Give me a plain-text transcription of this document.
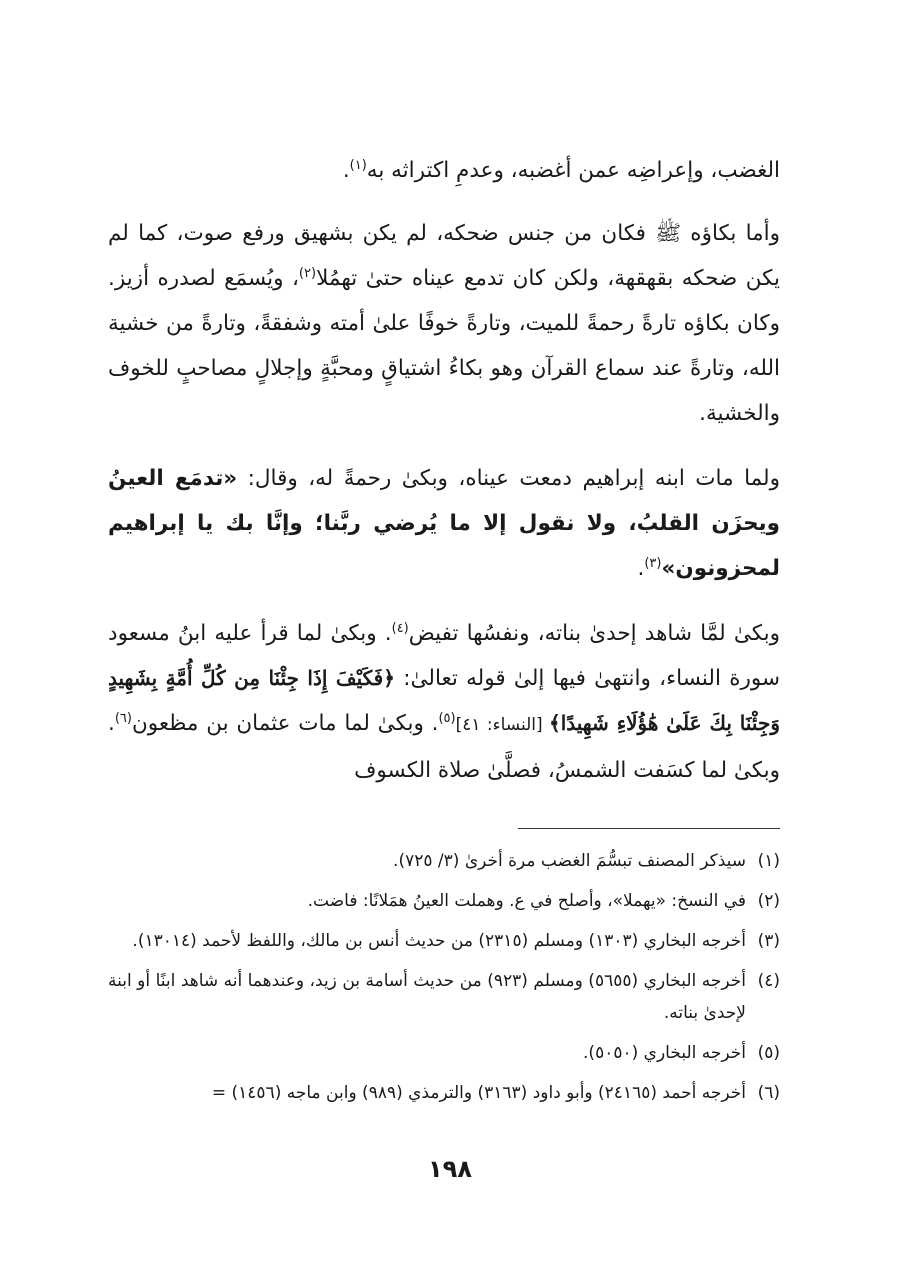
الغضب، وإعراضِه عمن أغضبه، وعدمِ اكتراثه به$^{(١)}$.

وأما بكاؤه ﷺ فكان من جنس ضحكه، لم يكن بشهيق ورفع صوت، كما لم يكن ضحكه بقهقهة، ولكن كان تدمع عيناه حتىٰ تهمُلا$^{(٢)}$، ويُسمَع لصدره أزيز. وكان بكاؤه تارةً رحمةً للميت، وتارةً خوفًا علىٰ أمته وشفقةً، وتارةً من خشية الله، وتارةً عند سماع القرآن وهو بكاءُ اشتياقٍ ومحبَّةٍ وإجلالٍ مصاحبٍ للخوف والخشية.

ولما مات ابنه إبراهيم دمعت عيناه، وبكىٰ رحمةً له، وقال: «تدمَع العينُ ويحزَن القلبُ، ولا نقول إلا ما يُرضي ربَّنا؛ وإنَّا بك يا إبراهيم لمحزونون»$^{(٣)}$.

وبكىٰ لمَّا شاهد إحدىٰ بناته، ونفسُها تفيض$^{(٤)}$. وبكىٰ لما قرأ عليه ابنُ مسعود سورة النساء، وانتهىٰ فيها إلىٰ قوله تعالىٰ: ﴿فَكَيْفَ إِذَا جِئْنَا مِن كُلِّ أُمَّةٍ بِشَهِيدٍ وَجِئْنَا بِكَ عَلَىٰ هَٰؤُلَاءِ شَهِيدًا﴾ [النساء: ٤١]$^{(٥)}$. وبكىٰ لما مات عثمان بن مظعون$^{(٦)}$. وبكىٰ لما كسَفت الشمسُ، فصلَّىٰ صلاة الكسوف

(١)
سيذكر المصنف تبسُّمَ الغضب مرة أخرىٰ (٣/ ٧٢٥).
(٢)
في النسخ: «يهملا»، وأصلح في ع. وهملت العينُ همَلانًا: فاضت.
(٣)
أخرجه البخاري (١٣٠٣) ومسلم (٢٣١٥) من حديث أنس بن مالك، واللفظ لأحمد (١٣٠١٤).
(٤)
أخرجه البخاري (٥٦٥٥) ومسلم (٩٢٣) من حديث أسامة بن زيد، وعندهما أنه شاهد ابنًا أو ابنة لإحدىٰ بناته.
(٥)
أخرجه البخاري (٥٠٥٠).
(٦)
أخرجه أحمد (٢٤١٦٥) وأبو داود (٣١٦٣) والترمذي (٩٨٩) وابن ماجه (١٤٥٦) =
١٩٨
